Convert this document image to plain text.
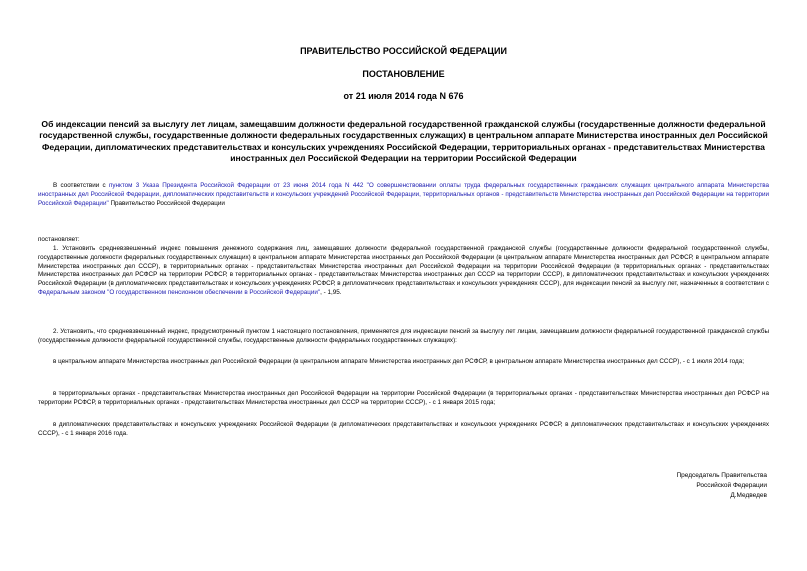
ПРАВИТЕЛЬСТВО РОССИЙСКОЙ ФЕДЕРАЦИИ
ПОСТАНОВЛЕНИЕ
от 21 июля 2014 года N 676
Об индексации пенсий за выслугу лет лицам, замещавшим должности федеральной государственной гражданской службы (государственные должности федеральной государственной службы, государственные должности федеральных государственных служащих) в центральном аппарате Министерства иностранных дел Российской Федерации, дипломатических представительствах и консульских учреждениях Российской Федерации, территориальных органах - представительствах Министерства иностранных дел Российской Федерации на территории Российской Федерации
В соответствии с пунктом 3 Указа Президента Российской Федерации от 23 июня 2014 года N 442 "О совершенствовании оплаты труда федеральных государственных гражданских служащих центрального аппарата Министерства иностранных дел Российской Федерации, дипломатических представительств и консульских учреждений Российской Федерации, территориальных органов - представительств Министерства иностранных дел Российской Федерации на территории Российской Федерации" Правительство Российской Федерации
постановляет:
1. Установить средневзвешенный индекс повышения денежного содержания лиц, замещавших должности федеральной государственной гражданской службы (государственные должности федеральной государственной службы, государственные должности федеральных государственных служащих) в центральном аппарате Министерства иностранных дел Российской Федерации (в центральном аппарате Министерства иностранных дел РСФСР, в центральном аппарате Министерства иностранных дел СССР), в территориальных органах - представительствах Министерства иностранных дел Российской Федерации на территории Российской Федерации (в территориальных органах - представительствах Министерства иностранных дел РСФСР на территории РСФСР, в территориальных органах - представительствах Министерства иностранных дел СССР на территории СССР), в дипломатических представительствах и консульских учреждениях Российской Федерации (в дипломатических представительствах и консульских учреждениях РСФСР, в дипломатических представительствах и консульских учреждениях СССР), для индексации пенсий за выслугу лет, назначенных в соответствии с Федеральным законом "О государственном пенсионном обеспечении в Российской Федерации", - 1,95.
2. Установить, что средневзвешенный индекс, предусмотренный пунктом 1 настоящего постановления, применяется для индексации пенсий за выслугу лет лицам, замещавшим должности федеральной государственной гражданской службы (государственные должности федеральной государственной службы, государственные должности федеральных государственных служащих):
в центральном аппарате Министерства иностранных дел Российской Федерации (в центральном аппарате Министерства иностранных дел РСФСР, в центральном аппарате Министерства иностранных дел СССР), - с 1 июля 2014 года;
в территориальных органах - представительствах Министерства иностранных дел Российской Федерации на территории Российской Федерации (в территориальных органах - представительствах Министерства иностранных дел РСФСР на территории РСФСР, в территориальных органах - представительствах Министерства иностранных дел СССР на территории СССР), - с 1 января 2015 года;
в дипломатических представительствах и консульских учреждениях Российской Федерации (в дипломатических представительствах и консульских учреждениях РСФСР, в дипломатических представительствах и консульских учреждениях СССР), - с 1 января 2016 года.
Председатель Правительства
Российской Федерации
Д.Медведев
